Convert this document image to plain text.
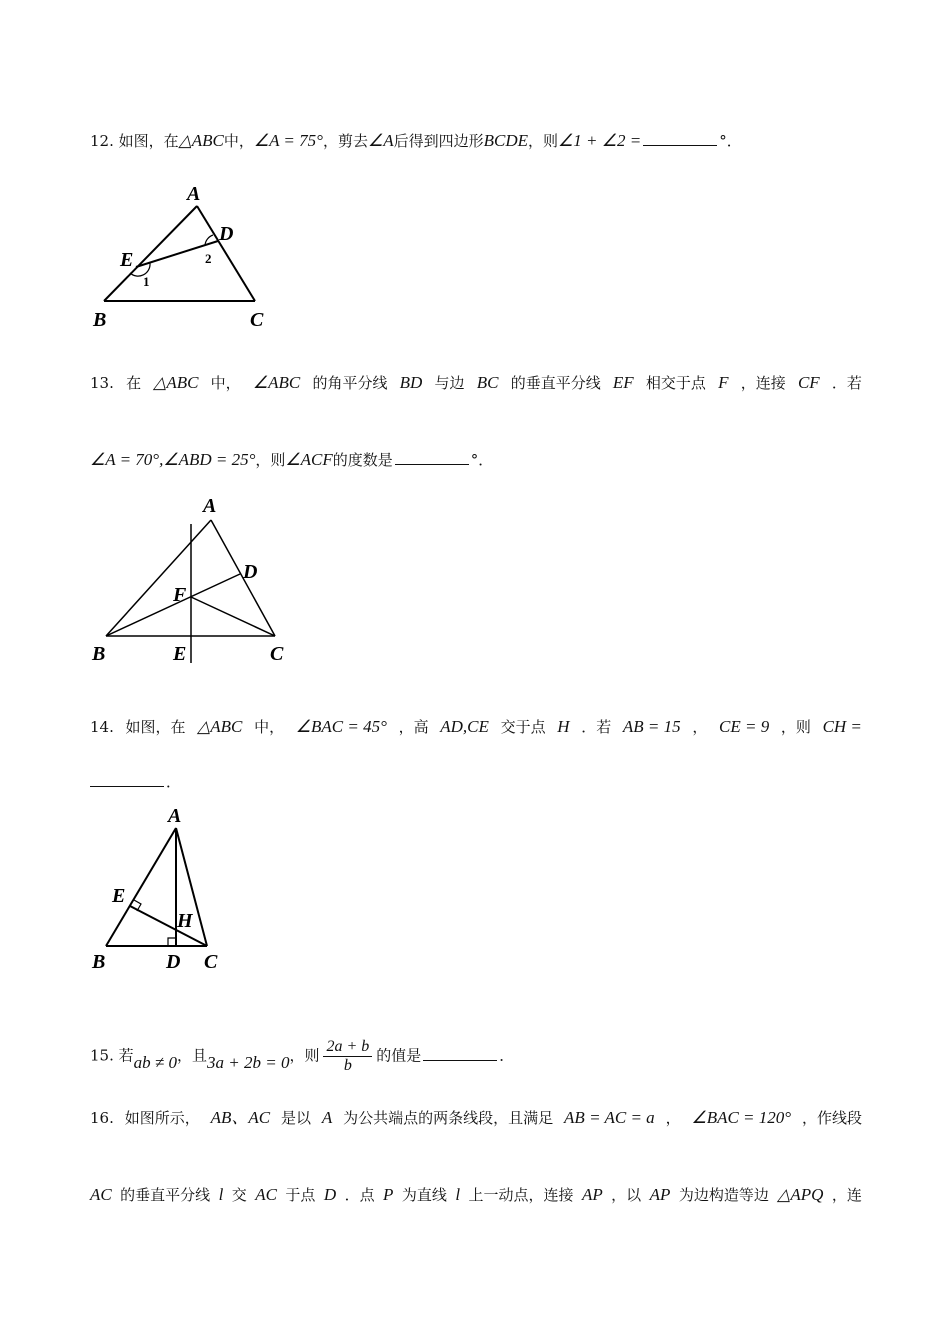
12. 如图，在△ABC中，∠A = 75°，剪去∠A后得到四边形BCDE，则∠1 + ∠2 =	°．
13. 在 △ABC 中， ∠ABC 的角平分线 BD 与边 BC 的垂直平分线 EF 相交于点 F ，连接 CF ．若
∠A = 70°,∠ABD = 25°，则∠ACF的度数是	°．
14. 如图，在 △ABC 中， ∠BAC = 45° ，高 AD,CE 交于点 H ．若 AB = 15 ， CE = 9 ，则 CH =
．
15. 若ab ≠ 0，且3a + 2b = 0，则 $\frac{2a + b}{b}$ 的值是	．
16. 如图所示， AB、AC 是以 A 为公共端点的两条线段，且满足 AB = AC = a ， ∠BAC = 120° ，作线段
AC 的垂直平分线 l 交 AC 于点 D ．点 P 为直线 l 上一动点，连接 AP ，以 AP 为边构造等边 △APQ ，连
A
B	C
D
E
1
2
A
B	C
D
E
F
A
B	C
D
E
H
